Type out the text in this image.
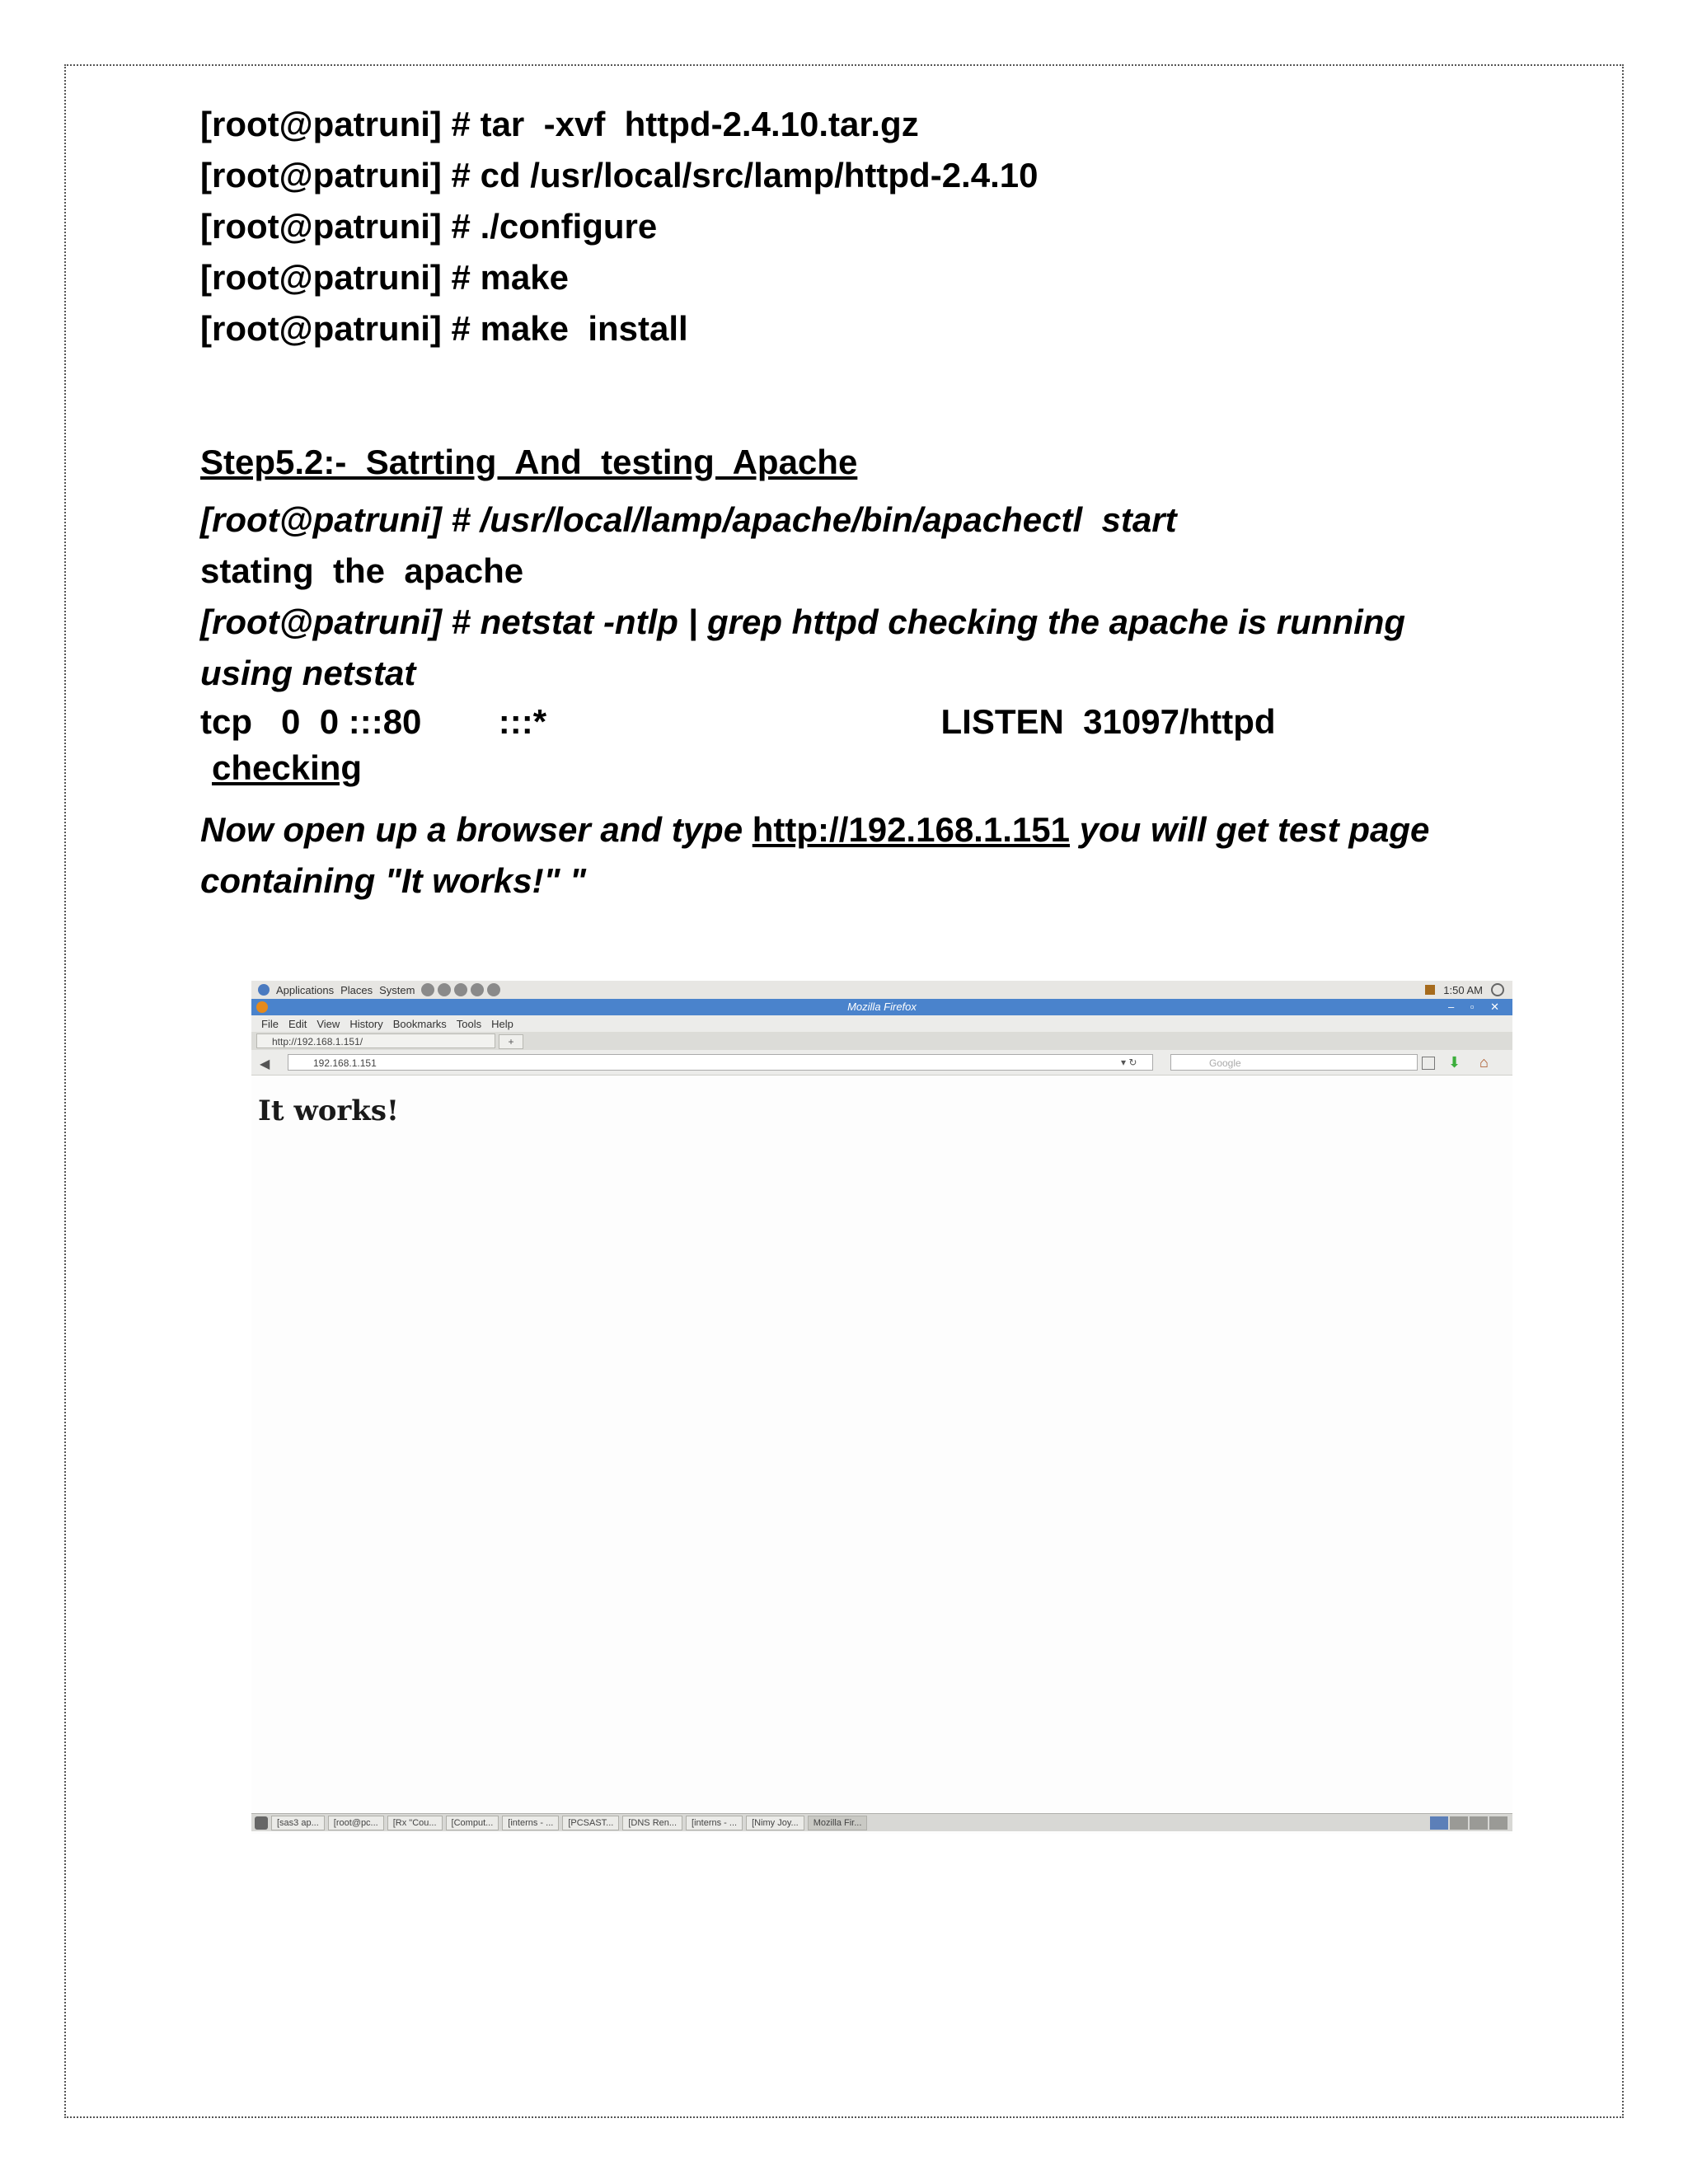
[root@patruni] # tar  -xvf  httpd-2.4.10.tar.gz
[root@patruni] # cd /usr/local/src/lamp/httpd-2.4.10
[root@patruni] # ./configure
[root@patruni] # make
[root@patruni] # make  install
Step5.2:-  Satrting  And  testing  Apache
[root@patruni] # /usr/local/lamp/apache/bin/apachectl  start
stating  the  apache
[root@patruni] # netstat -ntlp | grep httpd checking the apache is running using netstat
tcp   0  0 :::80        :::*                                         LISTEN  31097/httpd
checking
Now open up a browser and type http://192.168.1.151 you will get test page containing "It works!" "
Applications Places System	1:50 AM
Mozilla Firefox	– ▫ ✕
File Edit View History Bookmarks Tools Help
http://192.168.1.151/	+
◀	192.168.1.151	▾ ↻	Google	⬇ ⌂
It works!
[sas3 ap...	[root@pc...	[Rx "Cou...	[Comput...	[interns - ...	[PCSAST...	[DNS Ren...	[interns - ...	[Nimy Joy...	Mozilla Fir...
